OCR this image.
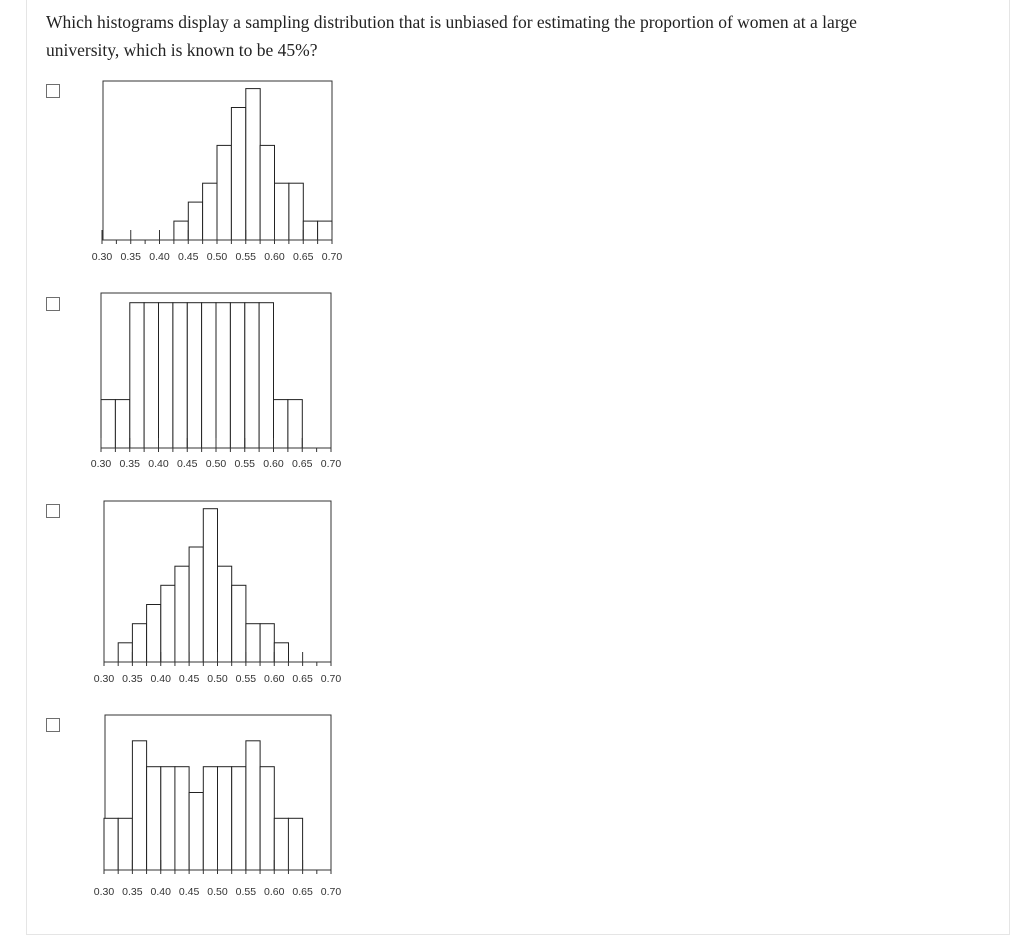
Which histograms display a sampling distribution that is unbiased for estimating the proportion of women at a large
university, which is known to be 45%?

0.30 0.35 0.40 0.45 0.50 0.55 0.60 0.65 0.70
0.30 0.35 0.40 0.45 0.50 0.55 0.60 0.65 0.70
0.30 0.35 0.40 0.45 0.50 0.55 0.60 0.65 0.70
0.30 0.35 0.40 0.45 0.50 0.55 0.60 0.65 0.70
